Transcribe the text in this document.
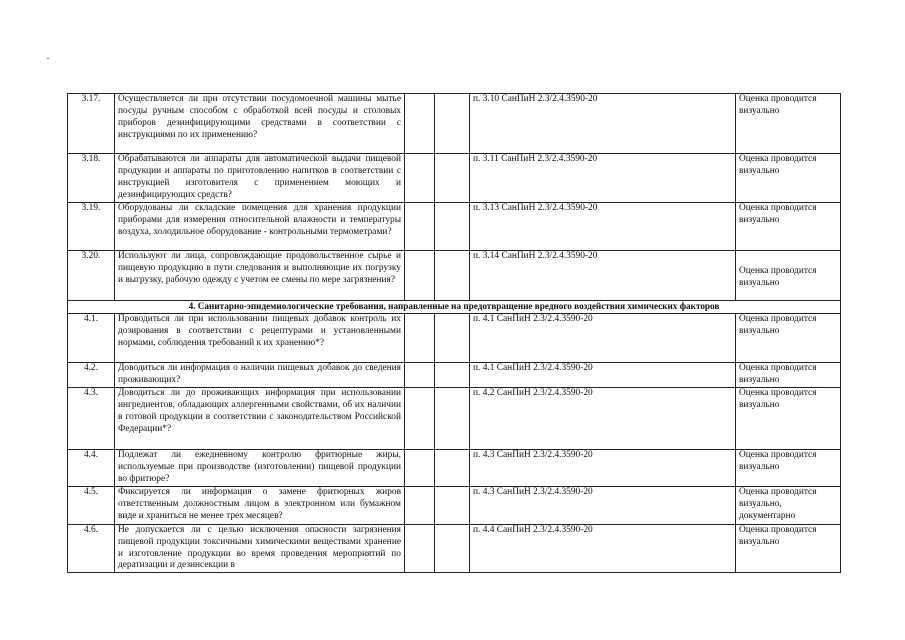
3.17.	Осуществляется ли при отсутствии посудомоечной машины мытье посуды ручным способом с обработкой всей посуды и столовых приборов дезинфицирующими средствами в соответствии с инструкциями по их применению?			п. 3.10 СанПиН 2.3/2.4.3590-20	Оценка проводится визуально
3.18.	Обрабатываются ли аппараты для автоматической выдачи пищевой продукции и аппараты по приготовлению напитков в соответствии с инструкцией изготовителя с применением моющих и дезинфицирующих средств?			п. 3.11 СанПиН 2.3/2.4.3590-20	Оценка проводится визуально
3.19.	Оборудованы ли складские помещения для хранения продукции приборами для измерения относительной влажности и температуры воздуха, холодильное оборудование - контрольными термометрами?			п. 3.13 СанПиН 2.3/2.4.3590-20	Оценка проводится визуально
3.20.	Используют ли лица, сопровождающие продовольственное сырье и пищевую продукцию в пути следования и выполняющие их погрузку и выгрузку, рабочую одежду с учетом ее смены по мере загрязнения?			п. 3.14 СанПиН 2.3/2.4.3590-20	Оценка проводится визуально

4. Санитарно-эпидемиологические требования, направленные на предотвращение вредного воздействия химических факторов					
4.1.	Проводиться ли при использовании пищевых добавок контроль их дозирования в соответствии с рецептурами и установленными нормами, соблюдения требований к их хранению*?			п. 4.1 СанПиН 2.3/2.4.3590-20	Оценка проводится визуально
4.2.	Доводиться ли информация о наличии пищевых добавок до сведения проживающих?			п. 4.1 СанПиН 2.3/2.4.3590-20	Оценка проводится визуально
4.3.	Доводиться ли до проживающих информация при использовании ингредиентов, обладающих аллергенными свойствами, об их наличии в готовой продукции в соответствии с законодательством Российской Федерации*?			п. 4.2 СанПиН 2.3/2.4.3590-20	Оценка проводится визуально
4.4.	Подлежат ли ежедневному контролю фритюрные жиры, используемые при производстве (изготовлении) пищевой продукции во фритюре?			п. 4.3 СанПиН 2.3/2.4.3590-20	Оценка проводится визуально
4.5.	Фиксируется ли информация о замене фритюрных жиров ответственным должностным лицом в электронном или бумажном виде и храниться не менее трех месяцев?			п. 4.3 СанПиН 2.3/2.4.3590-20	Оценка проводится визуально, документарно
4.6.	Не допускается ли с целью исключения опасности загрязнения пищевой продукции токсичными химическими веществами хранение и изготовление продукции во время проведения мероприятий по дератизации и дезинсекции в			п. 4.4 СанПиН 2.3/2.4.3590-20	Оценка проводится визуально
